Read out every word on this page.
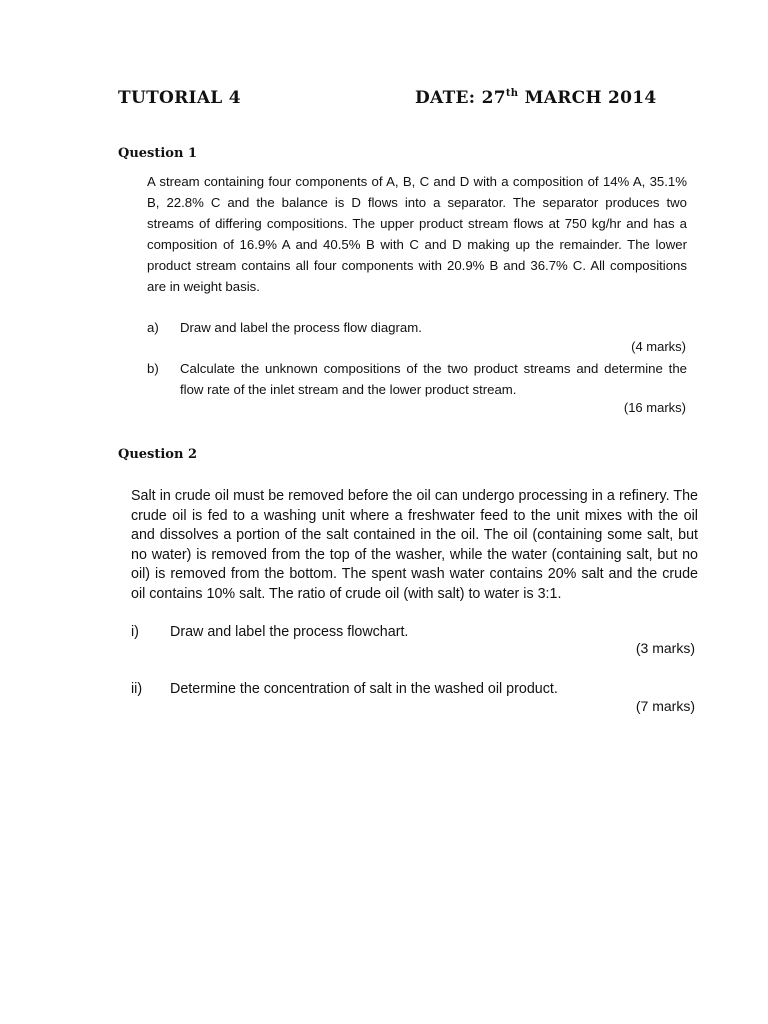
TUTORIAL 4	DATE: 27th MARCH 2014
Question 1

A stream containing four components of A, B, C and D with a composition of 14% A, 35.1% B, 22.8% C and the balance is D flows into a separator. The separator produces two streams of differing compositions. The upper product stream flows at 750 kg/hr and has a composition of 16.9% A and 40.5% B with C and D making up the remainder. The lower product stream contains all four components with 20.9% B and 36.7% C. All compositions are in weight basis.

a) Draw and label the process flow diagram.

(4 marks)
b) Calculate the unknown compositions of the two product streams and determine the flow rate of the inlet stream and the lower product stream.

(16 marks)
Question 2

Salt in crude oil must be removed before the oil can undergo processing in a refinery. The crude oil is fed to a washing unit where a freshwater feed to the unit mixes with the oil and dissolves a portion of the salt contained in the oil. The oil (containing some salt, but no water) is removed from the top of the washer, while the water (containing salt, but no oil) is removed from the bottom. The spent wash water contains 20% salt and the crude oil contains 10% salt. The ratio of crude oil (with salt) to water is 3:1.

i) Draw and label the process flowchart.

(3 marks)
ii) Determine the concentration of salt in the washed oil product.

(7 marks)
